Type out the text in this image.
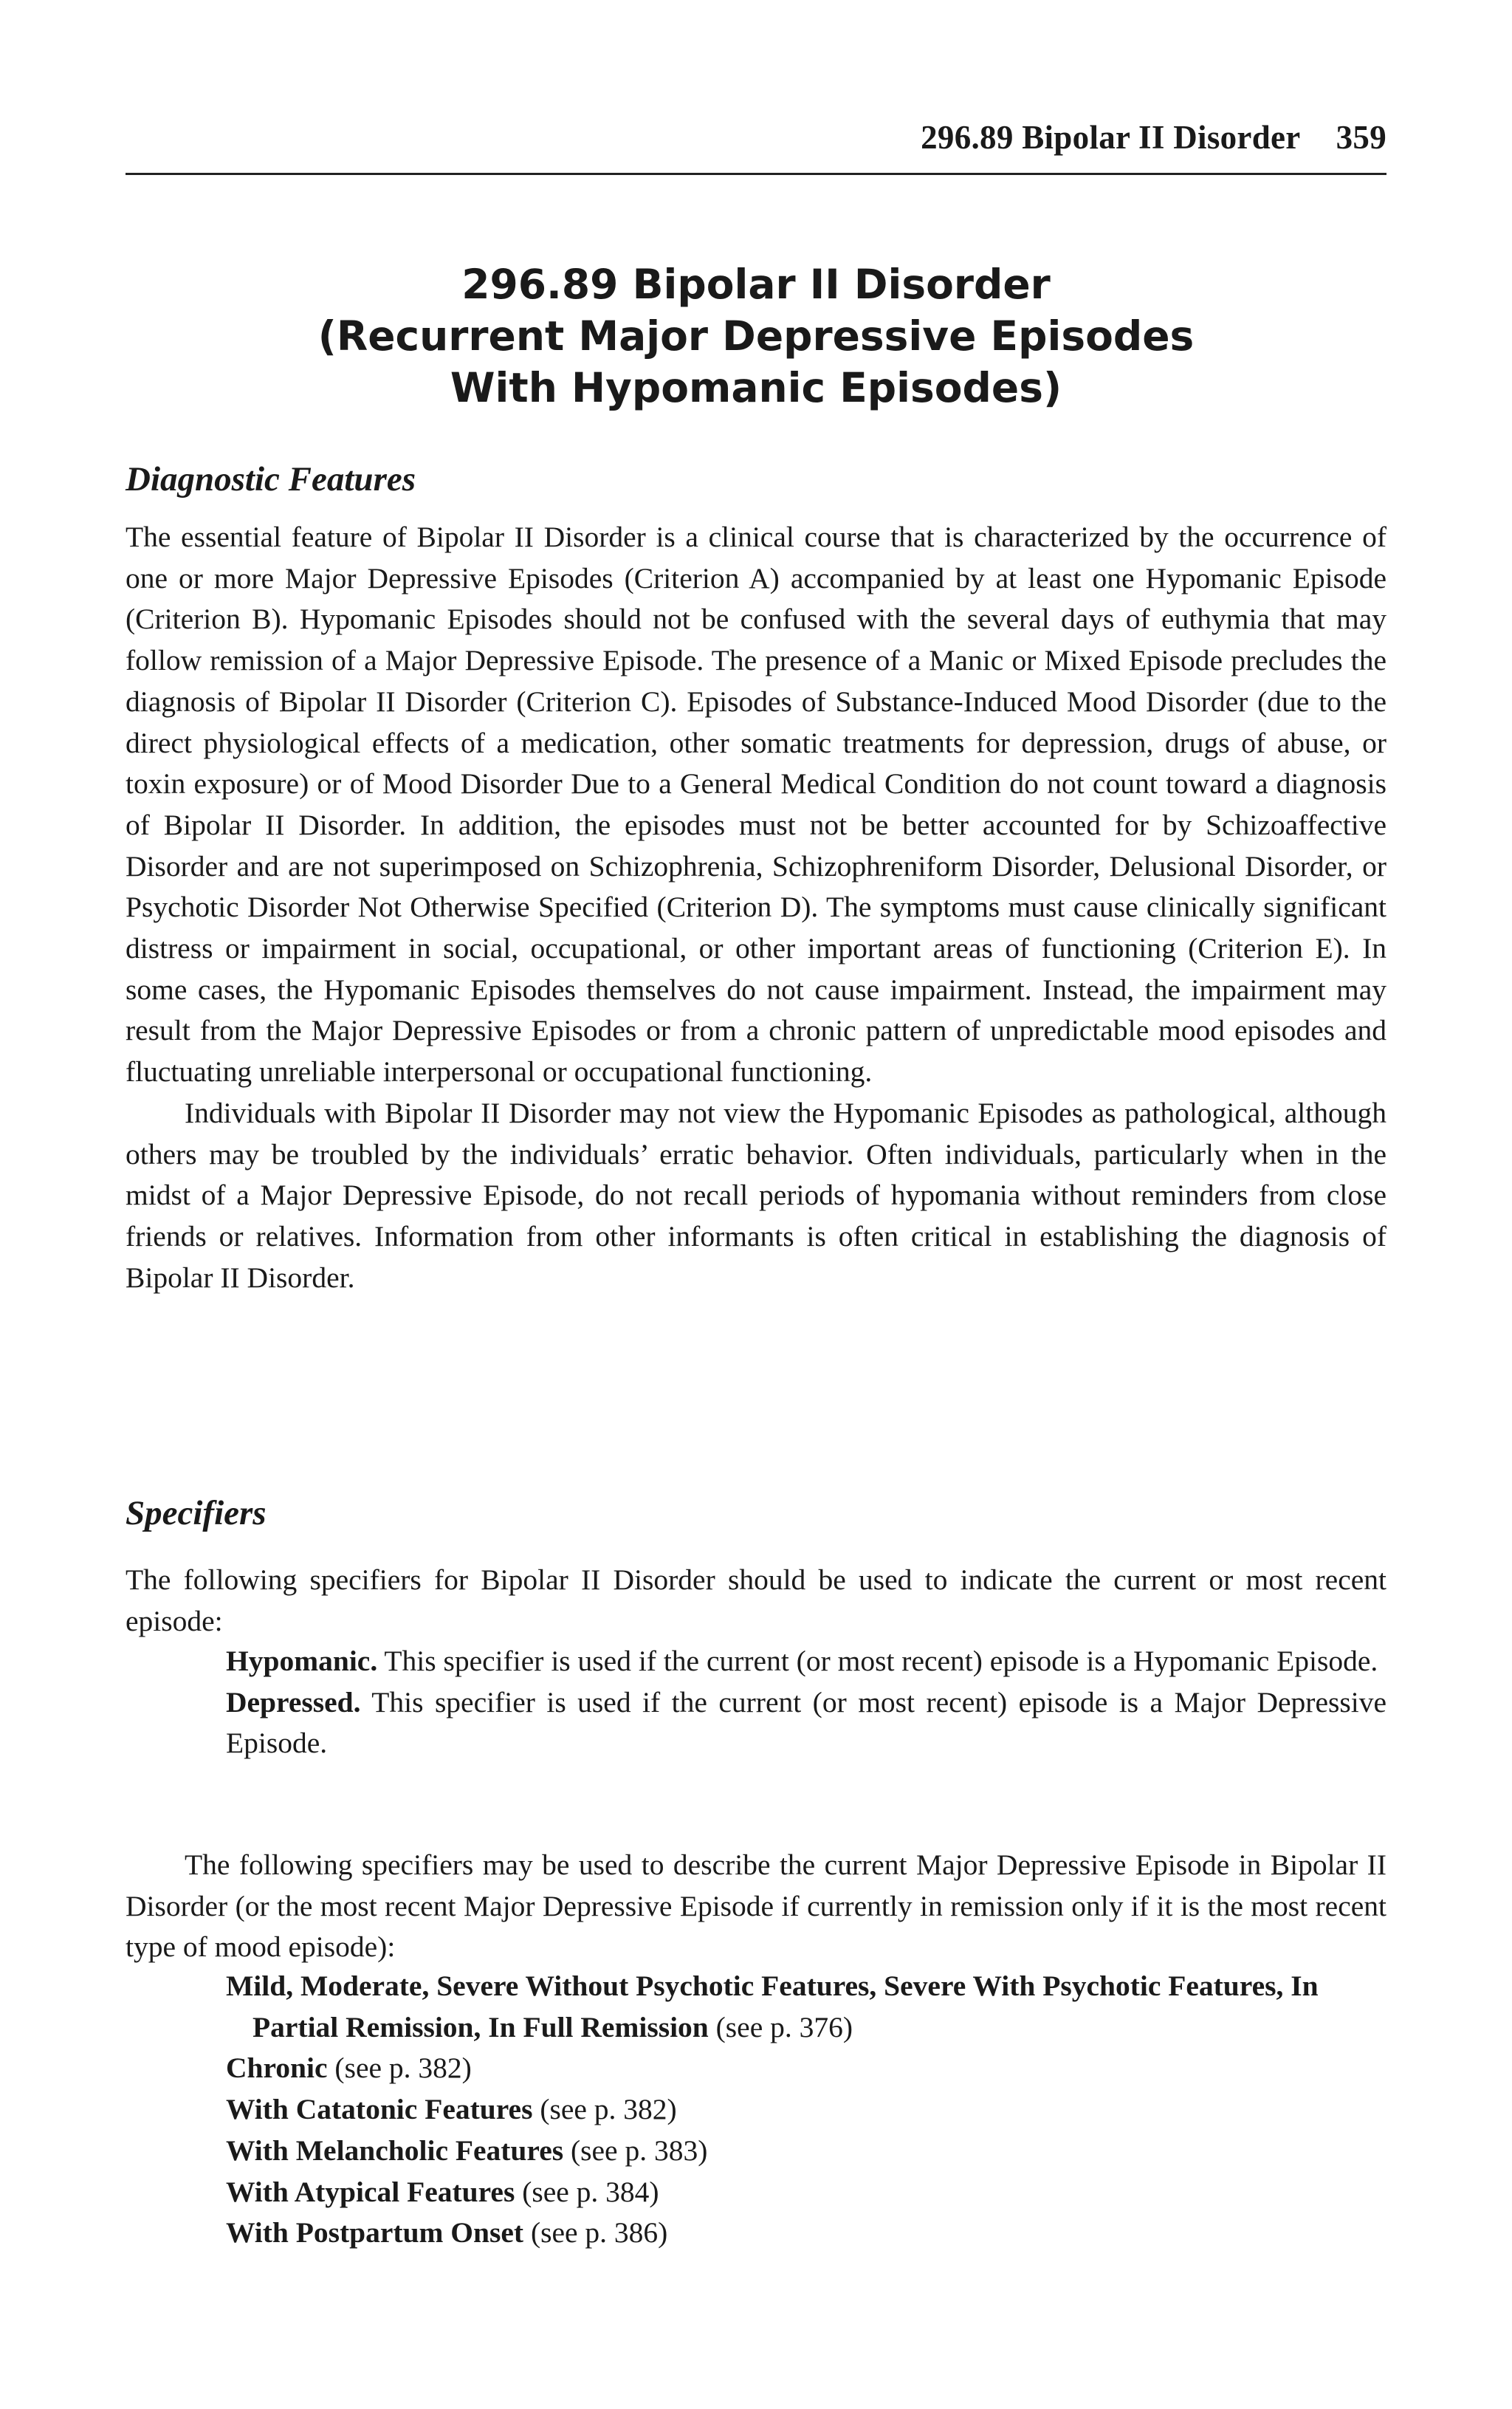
296.89 Bipolar II Disorder 359
296.89 Bipolar II Disorder
(Recurrent Major Depressive Episodes
With Hypomanic Episodes)
Diagnostic Features

The essential feature of Bipolar II Disorder is a clinical course that is characterized by the occurrence of one or more Major Depressive Episodes (Criterion A) accompanied by at least one Hypomanic Episode (Criterion B). Hypomanic Episodes should not be confused with the several days of euthymia that may follow remission of a Major Depressive Episode. The presence of a Manic or Mixed Episode precludes the diagnosis of Bipolar II Disorder (Criterion C). Episodes of Substance-Induced Mood Disorder (due to the direct physiological effects of a medication, other somatic treatments for depression, drugs of abuse, or toxin exposure) or of Mood Disorder Due to a General Medical Condition do not count toward a diagnosis of Bipolar II Disorder. In addition, the episodes must not be better accounted for by Schizoaffective Disorder and are not superimposed on Schizophrenia, Schizophreniform Disorder, Delusional Disorder, or Psychotic Disorder Not Otherwise Specified (Criterion D). The symptoms must cause clinically significant distress or impairment in social, occupational, or other important areas of functioning (Criterion E). In some cases, the Hypomanic Episodes themselves do not cause impairment. Instead, the impairment may result from the Major Depressive Episodes or from a chronic pattern of unpredictable mood episodes and fluctuating unreliable interpersonal or occupational functioning.

Individuals with Bipolar II Disorder may not view the Hypomanic Episodes as pathological, although others may be troubled by the individuals’ erratic behavior. Often individuals, particularly when in the midst of a Major Depressive Episode, do not recall periods of hypomania without reminders from close friends or relatives. Information from other informants is often critical in establishing the diagnosis of Bipolar II Disorder.

Specifiers

The following specifiers for Bipolar II Disorder should be used to indicate the current or most recent episode:

Hypomanic. This specifier is used if the current (or most recent) episode is a Hypomanic Episode.

Depressed. This specifier is used if the current (or most recent) episode is a Major Depressive Episode.

The following specifiers may be used to describe the current Major Depressive Episode in Bipolar II Disorder (or the most recent Major Depressive Episode if currently in remission only if it is the most recent type of mood episode):

Mild, Moderate, Severe Without Psychotic Features, Severe With Psychotic Features, In Partial Remission, In Full Remission (see p. 376)

Chronic (see p. 382)

With Catatonic Features (see p. 382)

With Melancholic Features (see p. 383)

With Atypical Features (see p. 384)

With Postpartum Onset (see p. 386)
